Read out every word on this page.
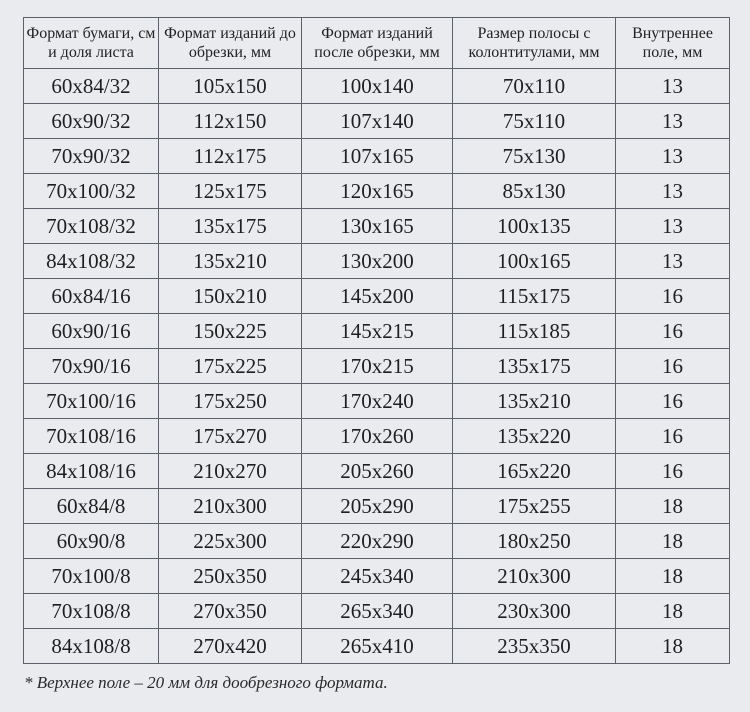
Формат бумаги, см и доля листа	Формат изданий до обрезки, мм	Формат изданий после обрезки, мм	Размер полосы с колонтитулами, мм	Внутреннее поле, мм
60x84/32	105x150	100x140	70x110	13
60x90/32	112x150	107x140	75x110	13
70x90/32	112x175	107x165	75x130	13
70x100/32	125x175	120x165	85x130	13
70x108/32	135x175	130x165	100x135	13
84x108/32	135x210	130x200	100x165	13
60x84/16	150x210	145x200	115x175	16
60x90/16	150x225	145x215	115x185	16
70x90/16	175x225	170x215	135x175	16
70x100/16	175x250	170x240	135x210	16
70x108/16	175x270	170x260	135x220	16
84x108/16	210x270	205x260	165x220	16
60x84/8	210x300	205x290	175x255	18
60x90/8	225x300	220x290	180x250	18
70x100/8	250x350	245x340	210x300	18
70x108/8	270x350	265x340	230x300	18
84x108/8	270x420	265x410	235x350	18
* Верхнее поле – 20 мм для дообрезного формата.
